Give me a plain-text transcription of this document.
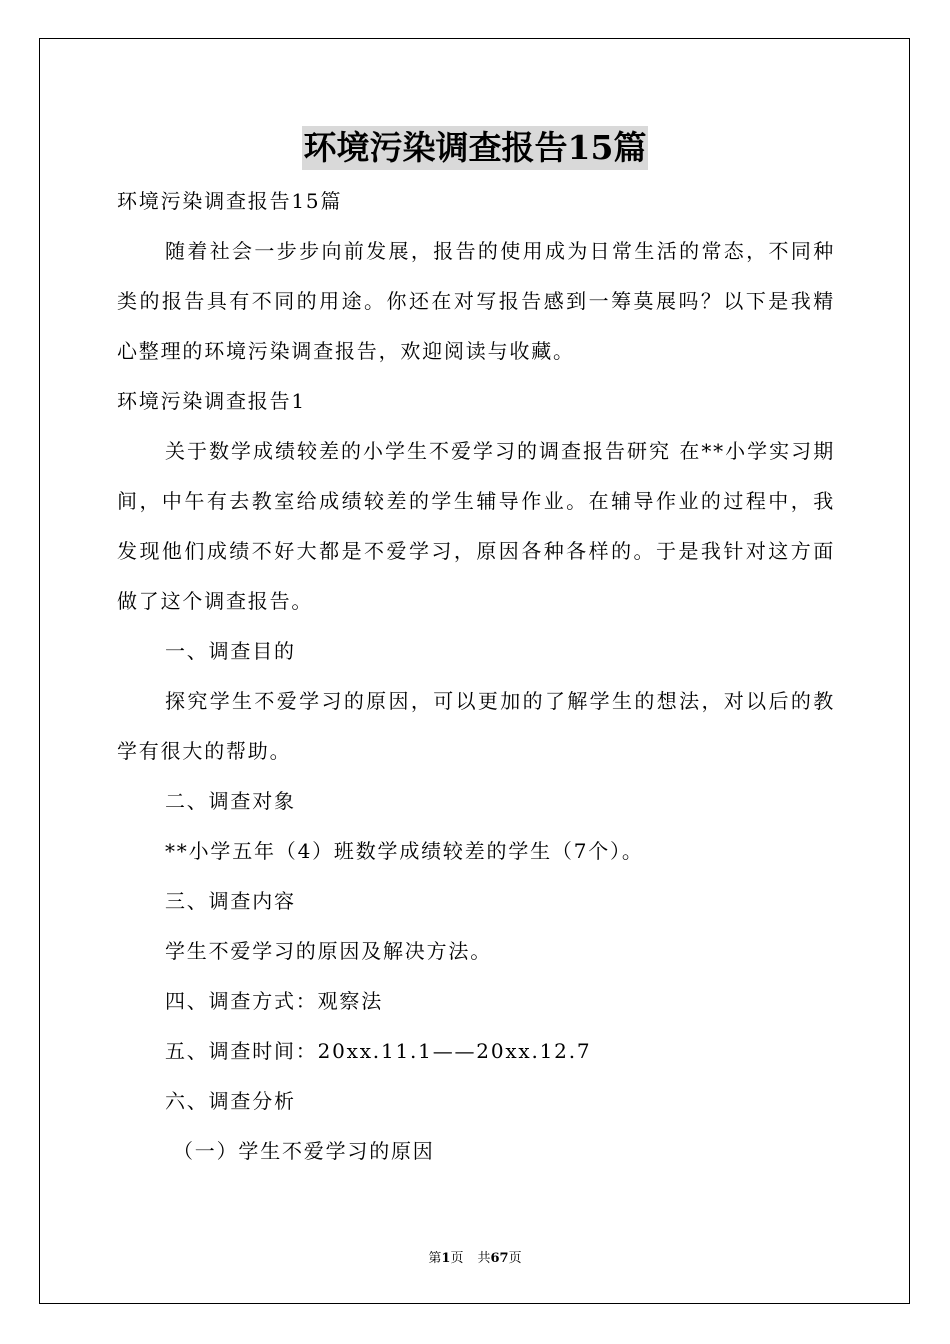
环境污染调查报告15篇

环境污染调查报告15篇

随着社会一步步向前发展，报告的使用成为日常生活的常态，不同种类的报告具有不同的用途。你还在对写报告感到一筹莫展吗？以下是我精心整理的环境污染调查报告，欢迎阅读与收藏。

环境污染调查报告1

关于数学成绩较差的小学生不爱学习的调查报告研究 在**小学实习期间，中午有去教室给成绩较差的学生辅导作业。在辅导作业的过程中，我发现他们成绩不好大都是不爱学习，原因各种各样的。于是我针对这方面做了这个调查报告。

一、调查目的

探究学生不爱学习的原因，可以更加的了解学生的想法，对以后的教学有很大的帮助。

二、调查对象

**小学五年（4）班数学成绩较差的学生（7个）。

三、调查内容

学生不爱学习的原因及解决方法。

四、调查方式：观察法

五、调查时间：20xx.11.1——20xx.12.7

六、调查分析

（一）学生不爱学习的原因

第1页 共67页
